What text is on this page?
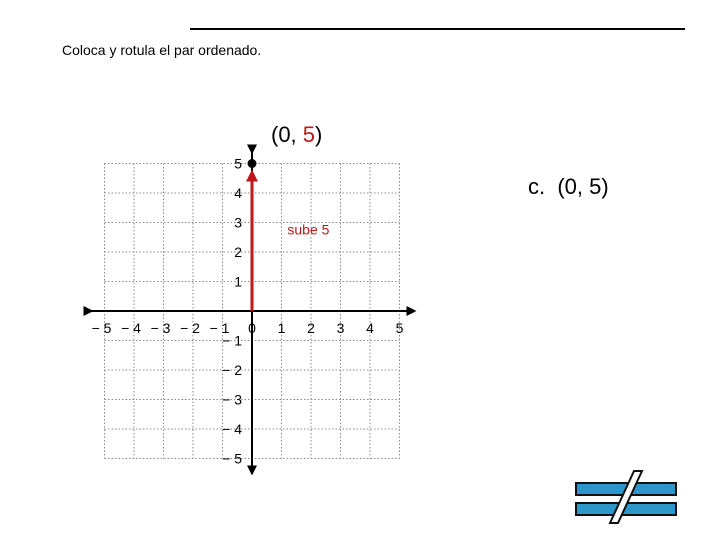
Coloca y rotula el par ordenado.
(0, 5)
c. (0, 5)
− 5 − 4 − 3 − 2 − 1 0 1 2 3 4 5
1
2
3
4
5
− 1
− 2
− 3
− 4
− 5
sube 5
